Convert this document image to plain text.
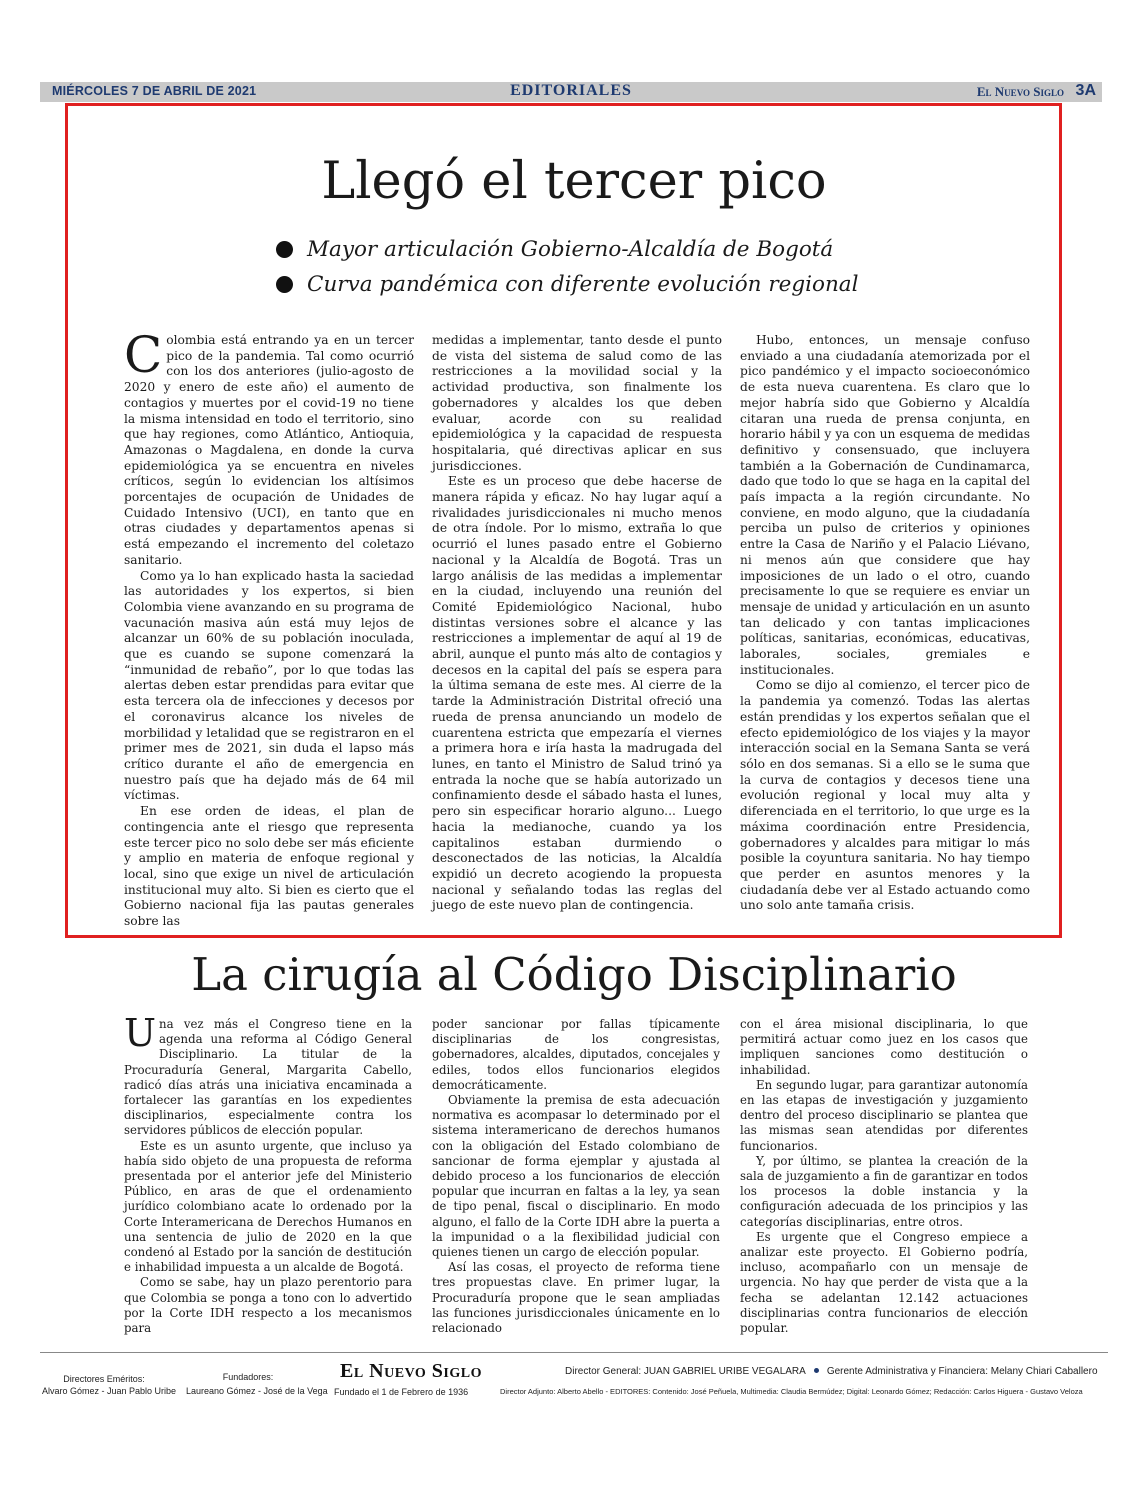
MIÉRCOLES 7 DE ABRIL DE 2021	EDITORIALES	El Nuevo Siglo 3A
Llegó el tercer pico
Mayor articulación Gobierno-Alcaldía de Bogotá
Curva pandémica con diferente evolución regional

Colombia está entrando ya en un tercer pico de la pandemia. Tal como ocurrió con los dos anteriores (julio-agosto de 2020 y enero de este año) el aumento de contagios y muertes por el covid-19 no tiene la misma intensidad en todo el territorio, sino que hay regiones, como Atlántico, Antioquia, Amazonas o Magdalena, en donde la curva epidemiológica ya se encuentra en niveles críticos, según lo evidencian los altísimos porcentajes de ocupación de Unidades de Cuidado Intensivo (UCI), en tanto que en otras ciudades y departamentos apenas si está empezando el incremento del coletazo sanitario.

Como ya lo han explicado hasta la saciedad las autoridades y los expertos, si bien Colombia viene avanzando en su programa de vacunación masiva aún está muy lejos de alcanzar un 60% de su población inoculada, que es cuando se supone comenzará la “inmunidad de rebaño”, por lo que todas las alertas deben estar prendidas para evitar que esta tercera ola de infecciones y decesos por el coronavirus alcance los niveles de morbilidad y letalidad que se registraron en el primer mes de 2021, sin duda el lapso más crítico durante el año de emergencia en nuestro país que ha dejado más de 64 mil víctimas.

En ese orden de ideas, el plan de contingencia ante el riesgo que representa este tercer pico no solo debe ser más eficiente y amplio en materia de enfoque regional y local, sino que exige un nivel de articulación institucional muy alto. Si bien es cierto que el Gobierno nacional fija las pautas generales sobre las

medidas a implementar, tanto desde el punto de vista del sistema de salud como de las restricciones a la movilidad social y la actividad productiva, son finalmente los gobernadores y alcaldes los que deben evaluar, acorde con su realidad epidemiológica y la capacidad de respuesta hospitalaria, qué directivas aplicar en sus jurisdicciones.

Este es un proceso que debe hacerse de manera rápida y eficaz. No hay lugar aquí a rivalidades jurisdiccionales ni mucho menos de otra índole. Por lo mismo, extraña lo que ocurrió el lunes pasado entre el Gobierno nacional y la Alcaldía de Bogotá. Tras un largo análisis de las medidas a implementar en la ciudad, incluyendo una reunión del Comité Epidemiológico Nacional, hubo distintas versiones sobre el alcance y las restricciones a implementar de aquí al 19 de abril, aunque el punto más alto de contagios y decesos en la capital del país se espera para la última semana de este mes. Al cierre de la tarde la Administración Distrital ofreció una rueda de prensa anunciando un modelo de cuarentena estricta que empezaría el viernes a primera hora e iría hasta la madrugada del lunes, en tanto el Ministro de Salud trinó ya entrada la noche que se había autorizado un confinamiento desde el sábado hasta el lunes, pero sin especificar horario alguno... Luego hacia la medianoche, cuando ya los capitalinos estaban durmiendo o desconectados de las noticias, la Alcaldía expidió un decreto acogiendo la propuesta nacional y señalando todas las reglas del juego de este nuevo plan de contingencia.

Hubo, entonces, un mensaje confuso enviado a una ciudadanía atemorizada por el pico pandémico y el impacto socioeconómico de esta nueva cuarentena. Es claro que lo mejor habría sido que Gobierno y Alcaldía citaran una rueda de prensa conjunta, en horario hábil y ya con un esquema de medidas definitivo y consensuado, que incluyera también a la Gobernación de Cundinamarca, dado que todo lo que se haga en la capital del país impacta a la región circundante. No conviene, en modo alguno, que la ciudadanía perciba un pulso de criterios y opiniones entre la Casa de Nariño y el Palacio Liévano, ni menos aún que considere que hay imposiciones de un lado o el otro, cuando precisamente lo que se requiere es enviar un mensaje de unidad y articulación en un asunto tan delicado y con tantas implicaciones políticas, sanitarias, económicas, educativas, laborales, sociales, gremiales e institucionales.

Como se dijo al comienzo, el tercer pico de la pandemia ya comenzó. Todas las alertas están prendidas y los expertos señalan que el efecto epidemiológico de los viajes y la mayor interacción social en la Semana Santa se verá sólo en dos semanas. Si a ello se le suma que la curva de contagios y decesos tiene una evolución regional y local muy alta y diferenciada en el territorio, lo que urge es la máxima coordinación entre Presidencia, gobernadores y alcaldes para mitigar lo más posible la coyuntura sanitaria. No hay tiempo que perder en asuntos menores y la ciudadanía debe ver al Estado actuando como uno solo ante tamaña crisis.

La cirugía al Código Disciplinario

Una vez más el Congreso tiene en la agenda una reforma al Código General Disciplinario. La titular de la Procuraduría General, Margarita Cabello, radicó días atrás una iniciativa encaminada a fortalecer las garantías en los expedientes disciplinarios, especialmente contra los servidores públicos de elección popular.

Este es un asunto urgente, que incluso ya había sido objeto de una propuesta de reforma presentada por el anterior jefe del Ministerio Público, en aras de que el ordenamiento jurídico colombiano acate lo ordenado por la Corte Interamericana de Derechos Humanos en una sentencia de julio de 2020 en la que condenó al Estado por la sanción de destitución e inhabilidad impuesta a un alcalde de Bogotá.

Como se sabe, hay un plazo perentorio para que Colombia se ponga a tono con lo advertido por la Corte IDH respecto a los mecanismos para

poder sancionar por fallas típicamente disciplinarias de los congresistas, gobernadores, alcaldes, diputados, concejales y ediles, todos ellos funcionarios elegidos democráticamente.

Obviamente la premisa de esta adecuación normativa es acompasar lo determinado por el sistema interamericano de derechos humanos con la obligación del Estado colombiano de sancionar de forma ejemplar y ajustada al debido proceso a los funcionarios de elección popular que incurran en faltas a la ley, ya sean de tipo penal, fiscal o disciplinario. En modo alguno, el fallo de la Corte IDH abre la puerta a la impunidad o a la flexibilidad judicial con quienes tienen un cargo de elección popular.

Así las cosas, el proyecto de reforma tiene tres propuestas clave. En primer lugar, la Procuraduría propone que le sean ampliadas las funciones jurisdiccionales únicamente en lo relacionado

con el área misional disciplinaria, lo que permitirá actuar como juez en los casos que impliquen sanciones como destitución o inhabilidad.

En segundo lugar, para garantizar autonomía en las etapas de investigación y juzgamiento dentro del proceso disciplinario se plantea que las mismas sean atendidas por diferentes funcionarios.

Y, por último, se plantea la creación de la sala de juzgamiento a fin de garantizar en todos los procesos la doble instancia y la configuración adecuada de los principios y las categorías disciplinarias, entre otros.

Es urgente que el Congreso empiece a analizar este proyecto. El Gobierno podría, incluso, acompañarlo con un mensaje de urgencia. No hay que perder de vista que a la fecha se adelantan 12.142 actuaciones disciplinarias contra funcionarios de elección popular.

Directores Eméritos:
Alvaro Gómez - Juan Pablo Uribe
Fundadores:
Laureano Gómez - José de la Vega
El Nuevo Siglo
Fundado el 1 de Febrero de 1936
Director General: JUAN GABRIEL URIBE VEGALARA Gerente Administrativa y Financiera: Melany Chiari Caballero
Director Adjunto: Alberto Abello - EDITORES: Contenido: José Peñuela, Multimedia: Claudia Bermúdez; Digital: Leonardo Gómez; Redacción: Carlos Higuera - Gustavo Veloza
